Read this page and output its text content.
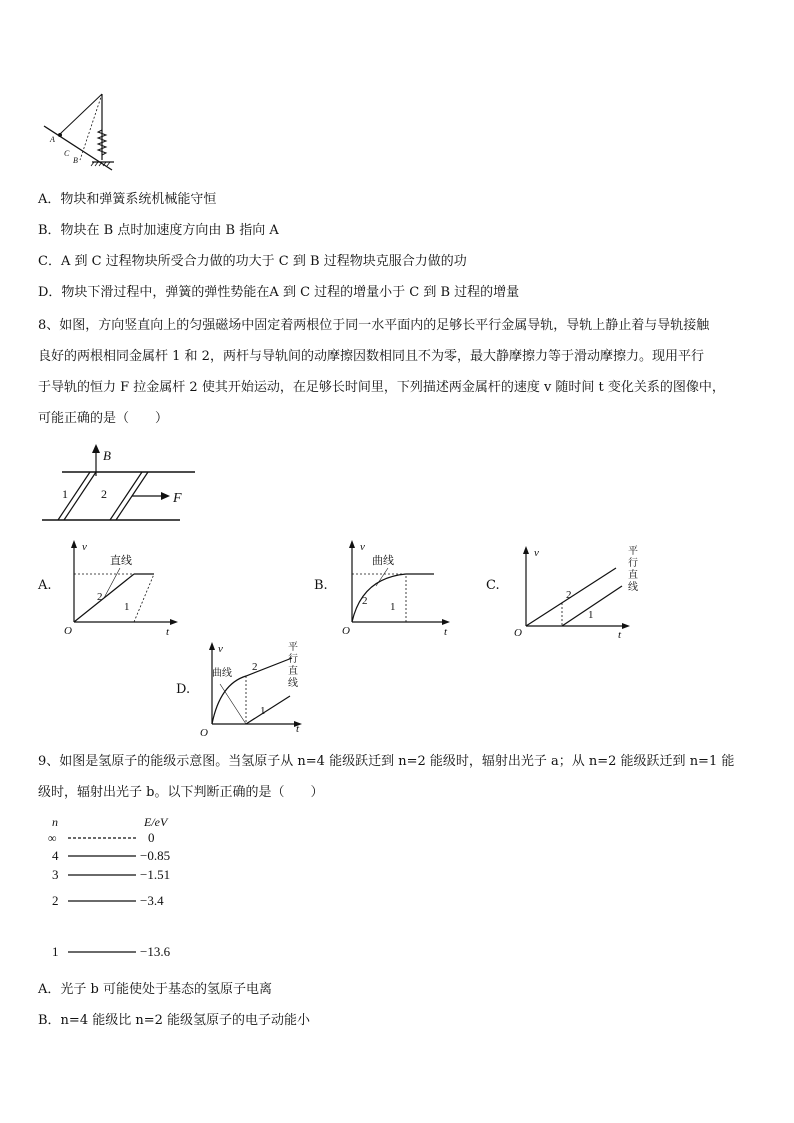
A
C
B
A．物块和弹簧系统机械能守恒
B．物块在 B 点时加速度方向由 B 指向 A
C．A 到 C 过程物块所受合力做的功大于 C 到 B 过程物块克服合力做的功
D．物块下滑过程中，弹簧的弹性势能在A 到 C 过程的增量小于 C 到 B 过程的增量
8、如图，方向竖直向上的匀强磁场中固定着两根位于同一水平面内的足够长平行金属导轨，导轨上静止着与导轨接触
良好的两根相同金属杆 1 和 2，两杆与导轨间的动摩擦因数相同且不为零，最大静摩擦力等于滑动摩擦力。现用平行
于导轨的恒力 F 拉金属杆 2 使其开始运动，在足够长时间里，下列描述两金属杆的速度 v 随时间 t 变化关系的图像中，
可能正确的是（　　）
B
1	2	F
A.
v
t
O
直线
2
1
B.
v
t
O
曲线
2 1
C.
v
t
O
2
1
平
行
直
线
D.
v
t
O
曲线
2
1
平
行
直
线
9、如图是氢原子的能级示意图。当氢原子从 n=4 能级跃迁到 n=2 能级时，辐射出光子 a；从 n=2 能级跃迁到 n=1 能
级时，辐射出光子 b。以下判断正确的是（　　）
n	E/eV
∞	0
4	−0.85
3	−1.51
2	−3.4
1	−13.6
A．光子 b 可能使处于基态的氢原子电离
B．n=4 能级比 n=2 能级氢原子的电子动能小
